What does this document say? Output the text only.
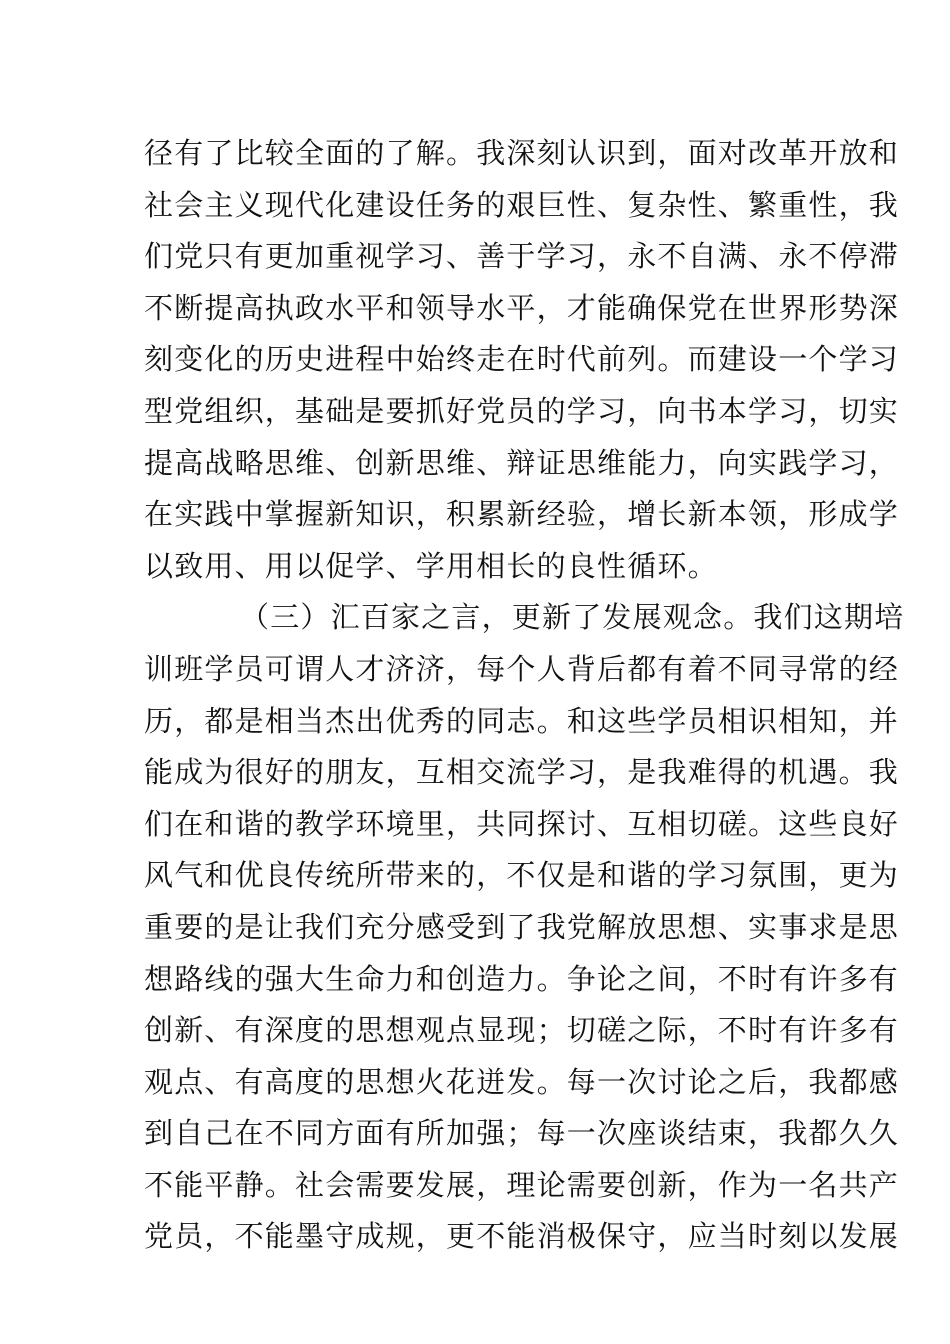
径有了比较全面的了解。我深刻认识到，面对改革开放和
社会主义现代化建设任务的艰巨性、复杂性、繁重性，我
们党只有更加重视学习、善于学习，永不自满、永不停滞
不断提高执政水平和领导水平，才能确保党在世界形势深
刻变化的历史进程中始终走在时代前列。而建设一个学习
型党组织，基础是要抓好党员的学习，向书本学习，切实
提高战略思维、创新思维、辩证思维能力，向实践学习，
在实践中掌握新知识，积累新经验，增长新本领，形成学
以致用、用以促学、学用相长的良性循环。
（三）汇百家之言，更新了发展观念。我们这期培
训班学员可谓人才济济，每个人背后都有着不同寻常的经
历，都是相当杰出优秀的同志。和这些学员相识相知，并
能成为很好的朋友，互相交流学习，是我难得的机遇。我
们在和谐的教学环境里，共同探讨、互相切磋。这些良好
风气和优良传统所带来的，不仅是和谐的学习氛围，更为
重要的是让我们充分感受到了我党解放思想、实事求是思
想路线的强大生命力和创造力。争论之间，不时有许多有
创新、有深度的思想观点显现；切磋之际，不时有许多有
观点、有高度的思想火花迸发。每一次讨论之后，我都感
到自己在不同方面有所加强；每一次座谈结束，我都久久
不能平静。社会需要发展，理论需要创新，作为一名共产
党员，不能墨守成规，更不能消极保守，应当时刻以发展
